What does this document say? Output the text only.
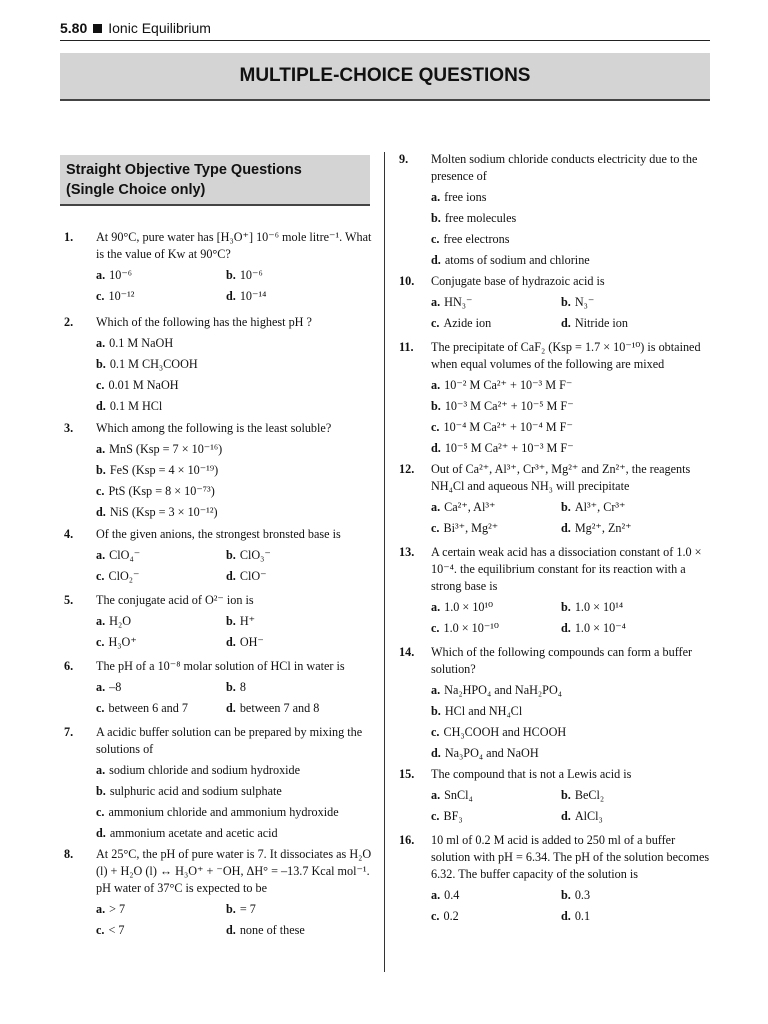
5.80 Ionic Equilibrium
MULTIPLE-CHOICE QUESTIONS
Straight Objective Type Questions
(Single Choice only)
1. At 90°C, pure water has [H₃O⁺] 10⁻⁶ mole litre⁻¹. What is the value of Kw at 90°C?

a. 10⁻⁶	b. 10⁻⁶
c. 10⁻¹²	d. 10⁻¹⁴
2. Which of the following has the highest pH ?

a. 0.1 M NaOH
b. 0.1 M CH₃COOH
c. 0.01 M NaOH
d. 0.1 M HCl
3. Which among the following is the least soluble?

a. MnS (Ksp = 7 × 10⁻¹⁶)
b. FeS (Ksp = 4 × 10⁻¹⁹)
c. PtS (Ksp = 8 × 10⁻⁷³)
d. NiS (Ksp = 3 × 10⁻¹²)
4. Of the given anions, the strongest bronsted base is

a. ClO₄⁻	b. ClO₃⁻
c. ClO₂⁻	d. ClO⁻
5. The conjugate acid of O²⁻ ion is

a. H₂O	b. H⁺
c. H₃O⁺	d. OH⁻
6. The pH of a 10⁻⁸ molar solution of HCl in water is

a. –8	b. 8
c. between 6 and 7	d. between 7 and 8
7. A acidic buffer solution can be prepared by mixing the solutions of

a. sodium chloride and sodium hydroxide
b. sulphuric acid and sodium sulphate
c. ammonium chloride and ammonium hydroxide
d. ammonium acetate and acetic acid
8. At 25°C, the pH of pure water is 7. It dissociates as H₂O (l) + H₂O (l) ↔ H₃O⁺ + ⁻OH, ΔH° = –13.7 Kcal mol⁻¹. pH water of 37°C is expected to be

a. > 7	b. = 7
c. < 7	d. none of these
9. Molten sodium chloride conducts electricity due to the presence of

a. free ions
b. free molecules
c. free electrons
d. atoms of sodium and chlorine
10. Conjugate base of hydrazoic acid is

a. HN₃⁻	b. N₃⁻
c. Azide ion	d. Nitride ion
11. The precipitate of CaF₂ (Ksp = 1.7 × 10⁻¹⁰) is obtained when equal volumes of the following are mixed

a. 10⁻² M Ca²⁺ + 10⁻³ M F⁻
b. 10⁻³ M Ca²⁺ + 10⁻⁵ M F⁻
c. 10⁻⁴ M Ca²⁺ + 10⁻⁴ M F⁻
d. 10⁻⁵ M Ca²⁺ + 10⁻³ M F⁻
12. Out of Ca²⁺, Al³⁺, Cr³⁺, Mg²⁺ and Zn²⁺, the reagents NH₄Cl and aqueous NH₃ will precipitate

a. Ca²⁺, Al³⁺	b. Al³⁺, Cr³⁺
c. Bi³⁺, Mg²⁺	d. Mg²⁺, Zn²⁺
13. A certain weak acid has a dissociation constant of 1.0 × 10⁻⁴. the equilibrium constant for its reaction with a strong base is

a. 1.0 × 10¹⁰	b. 1.0 × 10¹⁴
c. 1.0 × 10⁻¹⁰	d. 1.0 × 10⁻⁴
14. Which of the following compounds can form a buffer solution?

a. Na₂HPO₄ and NaH₂PO₄
b. HCl and NH₄Cl
c. CH₃COOH and HCOOH
d. Na₃PO₄ and NaOH
15. The compound that is not a Lewis acid is

a. SnCl₄	b. BeCl₂
c. BF₃	d. AlCl₃
16. 10 ml of 0.2 M acid is added to 250 ml of a buffer solution with pH = 6.34. The pH of the solution becomes 6.32. The buffer capacity of the solution is

a. 0.4	b. 0.3
c. 0.2	d. 0.1
